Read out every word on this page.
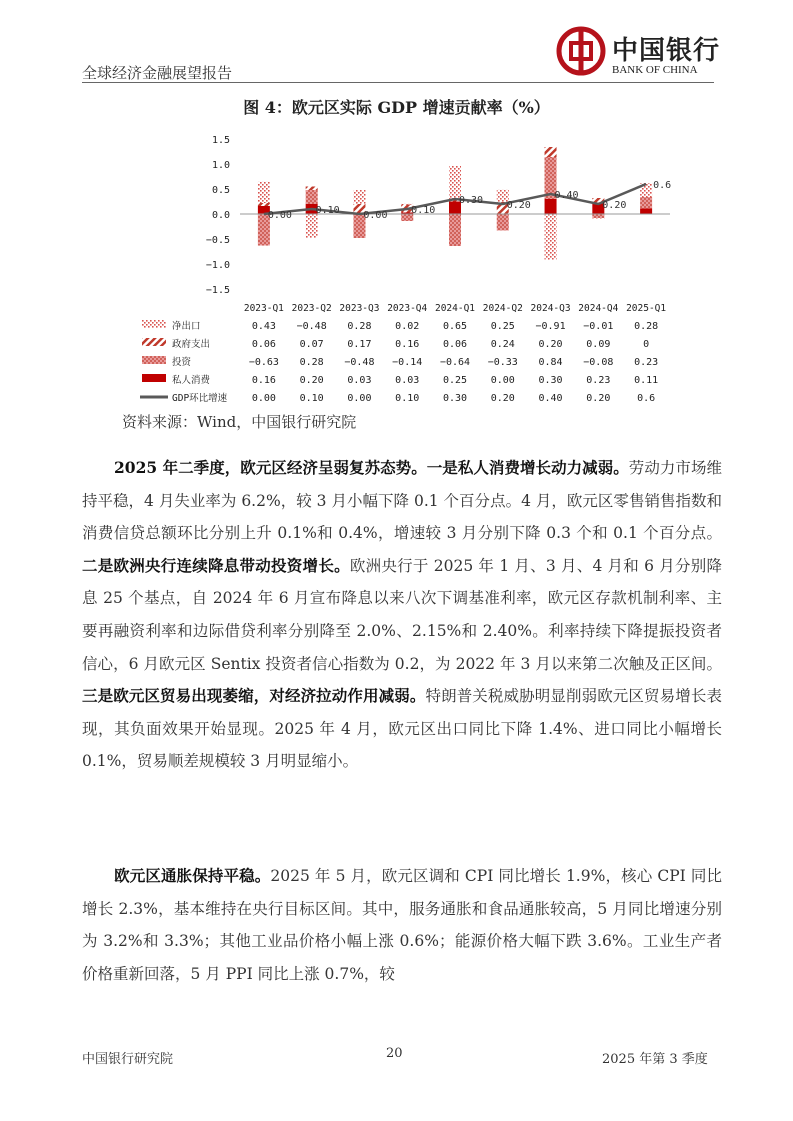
全球经济金融展望报告
中国银行
BANK OF CHINA
图 4：欧元区实际 GDP 增速贡献率（%）
1.5
1.0
0.5
0.0
−0.5
−1.0
−1.5
0.00 0.10 0.00 0.10
0.30 0.20
0.40
0.20
0.6
2023-Q1 2023-Q2 2023-Q3 2023-Q4 2024-Q1 2024-Q2 2024-Q3 2024-Q4 2025-Q1
净出口	0.43 −0.48 0.28 0.02 0.65 0.25 −0.91 −0.01 0.28
政府支出	0.06 0.07 0.17 0.16 0.06 0.24 0.20 0.09	0
投资	−0.63 0.28 −0.48 −0.14 −0.64 −0.33 0.84 −0.08 0.23
私人消费	0.16 0.20 0.03 0.03 0.25 0.00 0.30 0.23 0.11
GDP环比增速 0.00 0.10 0.00 0.10 0.30 0.20 0.40 0.20	0.6
资料来源：Wind，中国银行研究院
2025 年二季度，欧元区经济呈弱复苏态势。一是私人消费增长动力减弱。劳动力市场维持平稳，4 月失业率为 6.2%，较 3 月小幅下降 0.1 个百分点。4 月，欧元区零售销售指数和消费信贷总额环比分别上升 0.1%和 0.4%，增速较 3 月分别下降 0.3 个和 0.1 个百分点。二是欧洲央行连续降息带动投资增长。欧洲央行于 2025 年 1 月、3 月、4 月和 6 月分别降息 25 个基点，自 2024 年 6 月宣布降息以来八次下调基准利率，欧元区存款机制利率、主要再融资利率和边际借贷利率分别降至 2.0%、2.15%和 2.40%。利率持续下降提振投资者信心，6 月欧元区 Sentix 投资者信心指数为 0.2，为 2022 年 3 月以来第二次触及正区间。三是欧元区贸易出现萎缩，对经济拉动作用减弱。特朗普关税威胁明显削弱欧元区贸易增长表现，其负面效果开始显现。2025 年 4 月，欧元区出口同比下降 1.4%、进口同比小幅增长 0.1%，贸易顺差规模较 3 月明显缩小。
欧元区通胀保持平稳。2025 年 5 月，欧元区调和 CPI 同比增长 1.9%，核心 CPI 同比增长 2.3%，基本维持在央行目标区间。其中，服务通胀和食品通胀较高，5 月同比增速分别为 3.2%和 3.3%；其他工业品价格小幅上涨 0.6%；能源价格大幅下跌 3.6%。工业生产者价格重新回落，5 月 PPI 同比上涨 0.7%，较
中国银行研究院	20	2025 年第 3 季度
